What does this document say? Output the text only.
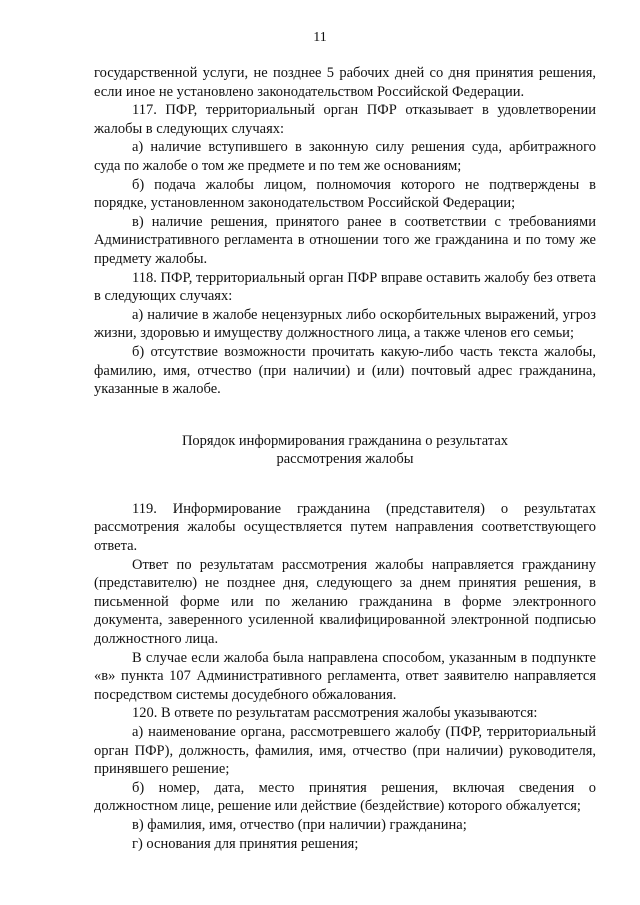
11

государственной услуги, не позднее 5 рабочих дней со дня принятия решения, если иное не установлено законодательством Российской Федерации.

117. ПФР, территориальный орган ПФР отказывает в удовлетворении жалобы в следующих случаях:

а) наличие вступившего в законную силу решения суда, арбитражного суда по жалобе о том же предмете и по тем же основаниям;

б) подача жалобы лицом, полномочия которого не подтверждены в порядке, установленном законодательством Российской Федерации;

в) наличие решения, принятого ранее в соответствии с требованиями Административного регламента в отношении того же гражданина и по тому же предмету жалобы.

118. ПФР, территориальный орган ПФР вправе оставить жалобу без ответа в следующих случаях:

а) наличие в жалобе нецензурных либо оскорбительных выражений, угроз жизни, здоровью и имуществу должностного лица, а также членов его семьи;

б) отсутствие возможности прочитать какую-либо часть текста жалобы, фамилию, имя, отчество (при наличии) и (или) почтовый адрес гражданина, указанные в жалобе.

Порядок информирования гражданина о результатах
рассмотрения жалобы

119. Информирование гражданина (представителя) о результатах рассмотрения жалобы осуществляется путем направления соответствующего ответа.

Ответ по результатам рассмотрения жалобы направляется гражданину (представителю) не позднее дня, следующего за днем принятия решения, в письменной форме или по желанию гражданина в форме электронного документа, заверенного усиленной квалифицированной электронной подписью должностного лица.

В случае если жалоба была направлена способом, указанным в подпункте «в» пункта 107 Административного регламента, ответ заявителю направляется посредством системы досудебного обжалования.

120. В ответе по результатам рассмотрения жалобы указываются:

а) наименование органа, рассмотревшего жалобу (ПФР, территориальный орган ПФР), должность, фамилия, имя, отчество (при наличии) руководителя, принявшего решение;

б) номер, дата, место принятия решения, включая сведения о должностном лице, решение или действие (бездействие) которого обжалуется;

в) фамилия, имя, отчество (при наличии) гражданина;

г) основания для принятия решения;
